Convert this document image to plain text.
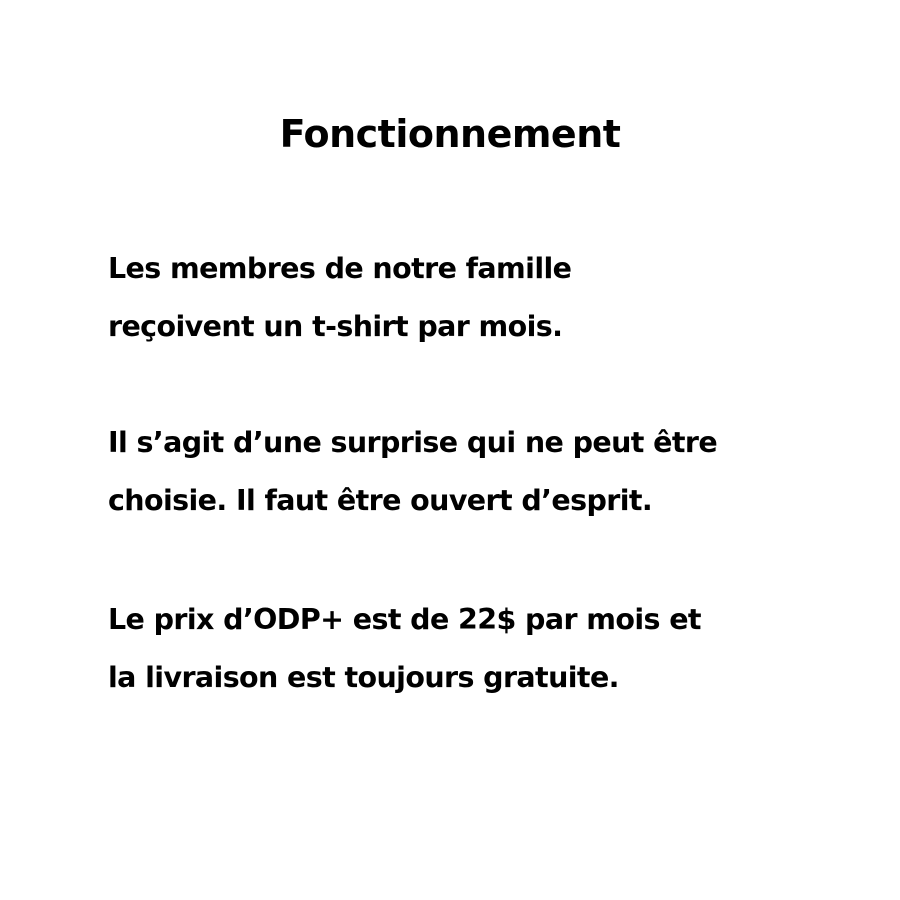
Fonctionnement

Les membres de notre famille
reçoivent un t-shirt par mois.

Il s’agit d’une surprise qui ne peut être
choisie. Il faut être ouvert d’esprit.

Le prix d’ODP+ est de 22$ par mois et
la livraison est toujours gratuite.
